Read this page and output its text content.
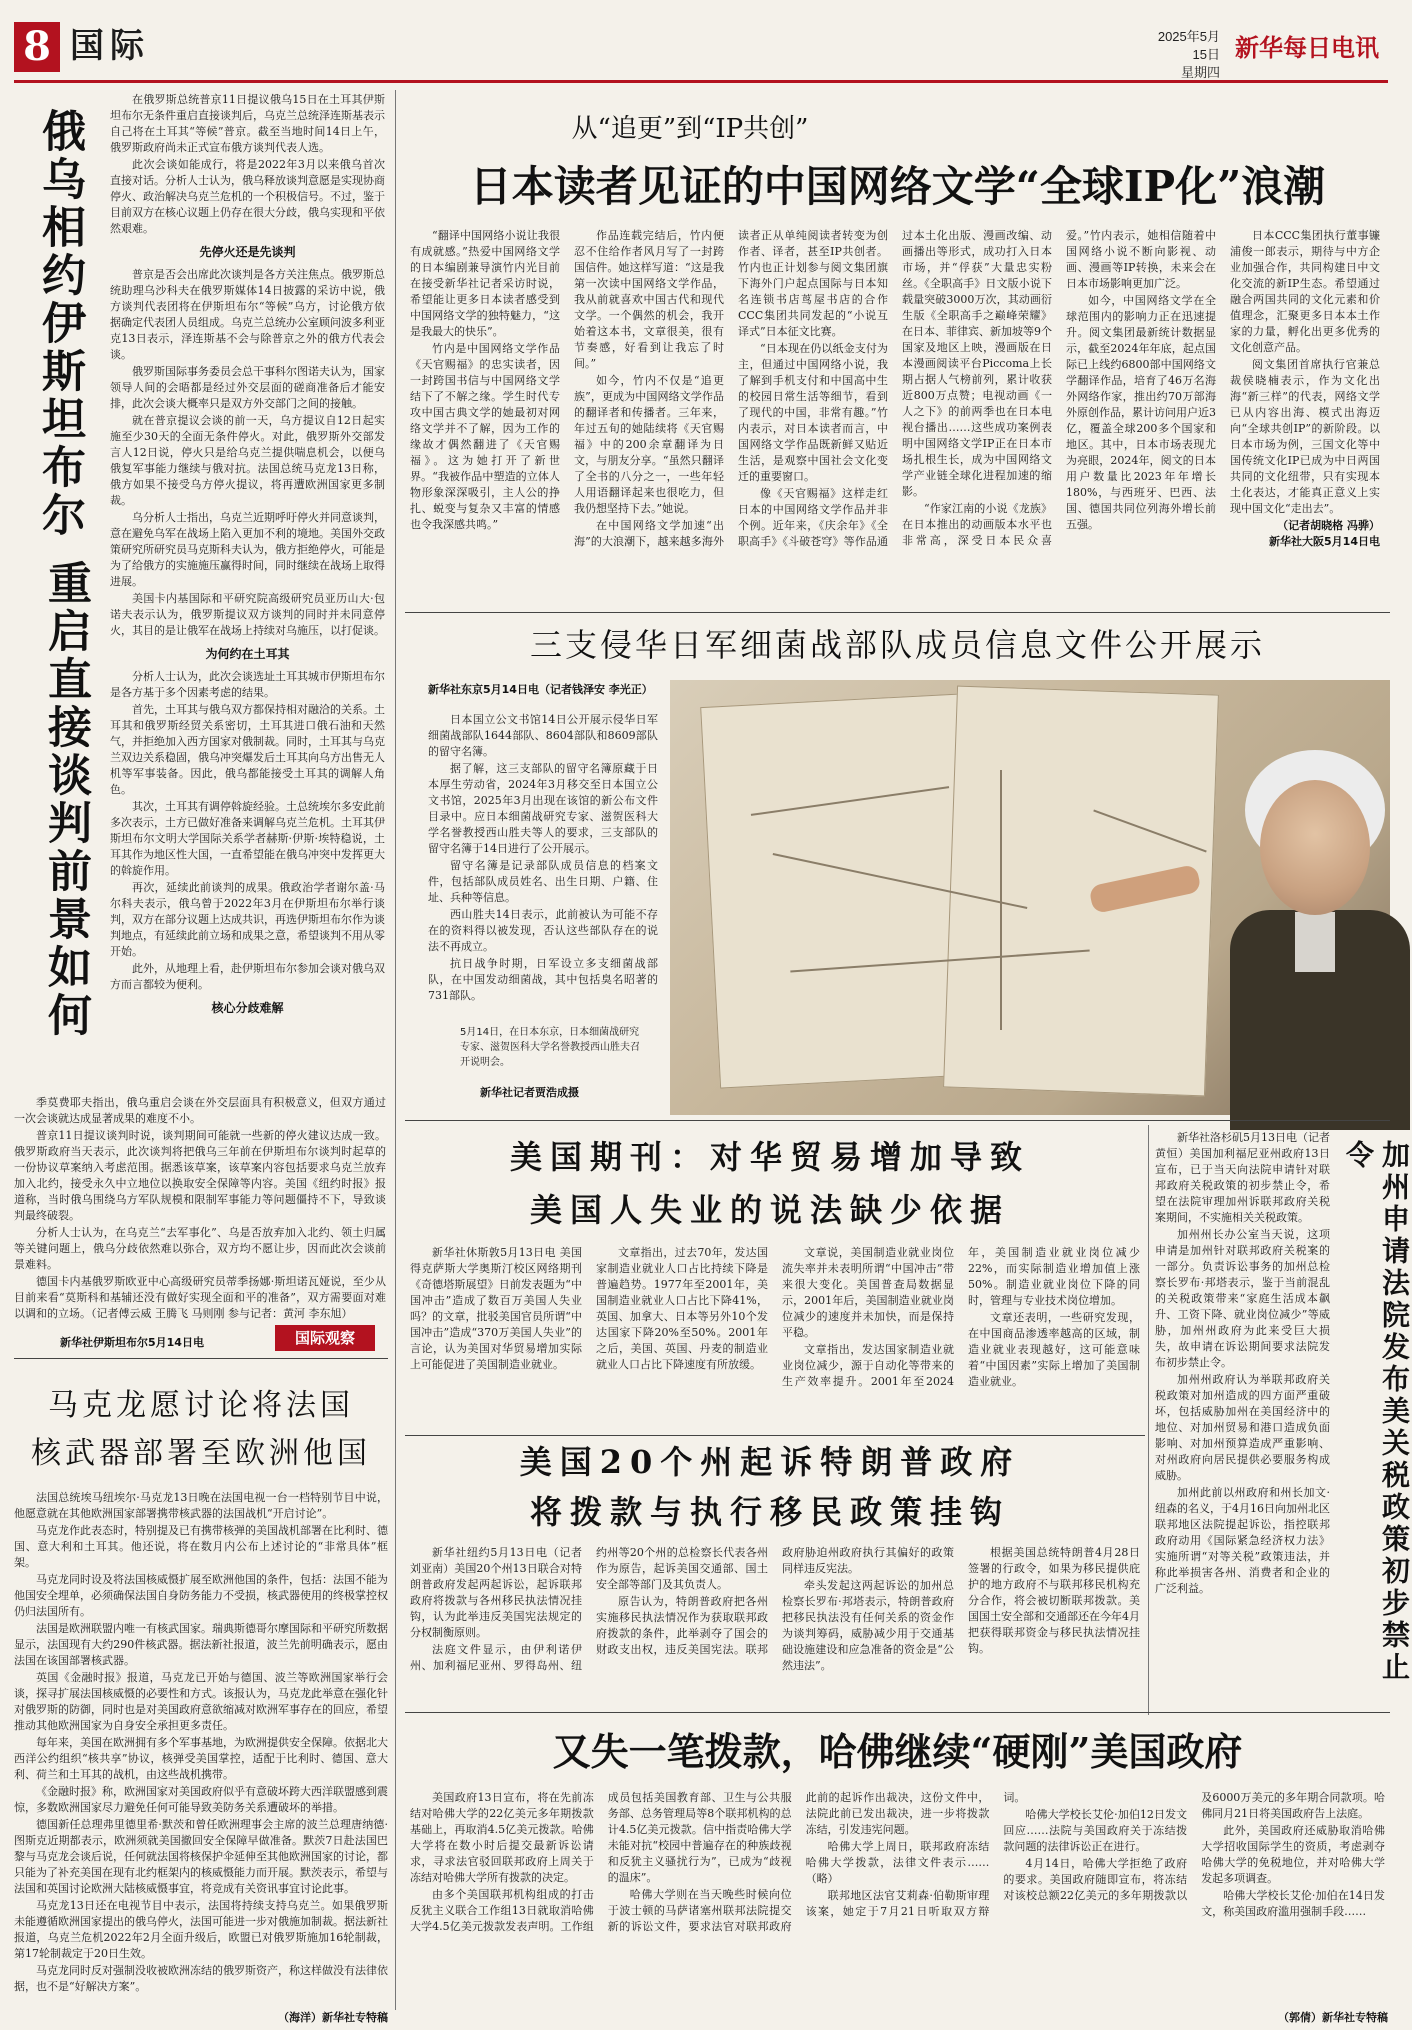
8 国际	2025年5月15日
星期四
新华每日电讯
俄乌相约伊斯坦布尔
重启直接谈判前景如何

在俄罗斯总统普京11日提议俄乌15日在土耳其伊斯坦布尔无条件重启直接谈判后，乌克兰总统泽连斯基表示自己将在土耳其“等候”普京。截至当地时间14日上午，俄罗斯政府尚未正式宣布俄方谈判代表人选。

此次会谈如能成行，将是2022年3月以来俄乌首次直接对话。分析人士认为，俄乌释放谈判意愿是实现协商停火、政治解决乌克兰危机的一个积极信号。不过，鉴于目前双方在核心议题上仍存在很大分歧，俄乌实现和平依然艰难。

先停火还是先谈判

普京是否会出席此次谈判是各方关注焦点。俄罗斯总统助理乌沙科夫在俄罗斯媒体14日披露的采访中说，俄方谈判代表团将在伊斯坦布尔“等候”乌方，讨论俄方依据确定代表团人员组成。乌克兰总统办公室顾问波多利亚克13日表示，泽连斯基不会与除普京之外的俄方代表会谈。

俄罗斯国际事务委员会总干事科尔图诺夫认为，国家领导人间的会晤都是经过外交层面的磋商准备后才能安排，此次会谈大概率只是双方外交部门之间的接触。

就在普京提议会谈的前一天，乌方提议自12日起实施至少30天的全面无条件停火。对此，俄罗斯外交部发言人12日说，停火只是给乌克兰提供喘息机会，以便乌俄复军事能力继续与俄对抗。法国总统马克龙13日称，俄方如果不接受乌方停火提议，将再遭欧洲国家更多制裁。

乌分析人士指出，乌克兰近期呼吁停火并同意谈判，意在避免乌军在战场上陷入更加不利的境地。美国外交政策研究所研究员马克斯科夫认为，俄方拒绝停火，可能是为了给俄方的实施施压赢得时间，同时继续在战场上取得进展。

美国卡内基国际和平研究院高级研究员亚历山大·包诺夫表示认为，俄罗斯提议双方谈判的同时并未同意停火，其目的是让俄军在战场上持续对乌施压，以打促谈。

为何约在土耳其

分析人士认为，此次会谈选址土耳其城市伊斯坦布尔是各方基于多个因素考虑的结果。

首先，土耳其与俄乌双方都保持相对融洽的关系。土耳其和俄罗斯经贸关系密切，土耳其进口俄石油和天然气，并拒绝加入西方国家对俄制裁。同时，土耳其与乌克兰双边关系稳固，俄乌冲突爆发后土耳其向乌方出售无人机等军事装备。因此，俄乌都能接受土耳其的调解人角色。

其次，土耳其有调停斡旋经验。土总统埃尔多安此前多次表示，土方已做好准备来调解乌克兰危机。土耳其伊斯坦布尔文明大学国际关系学者赫斯·伊斯·埃特稳说，土耳其作为地区性大国，一直希望能在俄乌冲突中发挥更大的斡旋作用。

再次，延续此前谈判的成果。俄政治学者谢尔盖·马尔科夫表示，俄乌曾于2022年3月在伊斯坦布尔举行谈判，双方在部分议题上达成共识，再选伊斯坦布尔作为谈判地点，有延续此前立场和成果之意，希望谈判不用从零开始。

此外，从地理上看，赴伊斯坦布尔参加会谈对俄乌双方而言都较为便利。

核心分歧难解

季莫费耶夫指出，俄乌重启会谈在外交层面具有积极意义，但双方通过一次会谈就达成显著成果的难度不小。

普京11日提议谈判时说，谈判期间可能就一些新的停火建议达成一致。俄罗斯政府当天表示，此次谈判将把俄乌三年前在伊斯坦布尔谈判时起草的一份协议草案纳入考虑范围。据悉该草案，该草案内容包括要求乌克兰放弃加入北约，接受永久中立地位以换取安全保障等内容。美国《纽约时报》报道称，当时俄乌围绕乌方军队规模和限制军事能力等问题僵持不下，导致谈判最终破裂。

分析人士认为，在乌克兰“去军事化”、乌是否放弃加入北约、领土归属等关键问题上，俄乌分歧依然难以弥合，双方均不愿让步，因而此次会谈前景难料。

德国卡内基俄罗斯欧亚中心高级研究员蒂季扬娜·斯坦诺瓦娅说，至少从目前来看“莫斯科和基辅还没有做好实现全面和平的准备”，双方需要面对难以调和的立场。（记者傅云威 王腾飞 马则刚 参与记者：黄河 李东旭）

新华社伊斯坦布尔5月14日电	国际观察
马克龙愿讨论将法国
核武器部署至欧洲他国

法国总统埃马纽埃尔·马克龙13日晚在法国电视一台一档特别节目中说，他愿意就在其他欧洲国家部署携带核武器的法国战机“开启讨论”。

马克龙作此表态时，特别提及已有携带核弹的美国战机部署在比利时、德国、意大利和土耳其。他还说，将在数月内公布上述讨论的“非常具体”框架。

马克龙同时设及将法国核威慑扩展至欧洲他国的条件，包括：法国不能为他国安全埋单，必须确保法国自身防务能力不受损，核武器使用的终极掌控权仍归法国所有。

法国是欧洲联盟内唯一有核武国家。瑞典斯德哥尔摩国际和平研究所数据显示，法国现有大约290件核武器。据法新社报道，波兰先前明确表示，愿由法国在该国部署核武器。

英国《金融时报》报道，马克龙已开始与德国、波兰等欧洲国家举行会谈，探寻扩展法国核威慑的必要性和方式。该报认为，马克龙此举意在强化针对俄罗斯的防御，同时也是对美国政府意欲缩减对欧洲军事存在的回应，希望推动其他欧洲国家为自身安全承担更多责任。

每年来，美国在欧洲拥有多个军事基地，为欧洲提供安全保障。依据北大西洋公约组织“核共享”协议，核弹受美国掌控，适配于比利时、德国、意大利、荷兰和土耳其的战机，由这些战机携带。

《金融时报》称，欧洲国家对美国政府似乎有意破坏跨大西洋联盟感到震惊，多数欧洲国家尽力避免任何可能导致美防务关系遭破坏的举措。

德国新任总理弗里德里希·默茨和曾任欧洲理事会主席的波兰总理唐纳德·图斯克近期都表示，欧洲须就美国撤回安全保障早做准备。默茨7日赴法国巴黎与马克龙会谈后说，任何就法国将核保护伞延伸至其他欧洲国家的讨论，都只能为了补充美国在现有北约框架内的核威慑能力而开展。默茨表示，希望与法国和英国讨论欧洲大陆核威慑事宜，将竞成有关资讯事宜讨论此事。

马克龙13日还在电视节目中表示，法国将持续支持乌克兰。如果俄罗斯未能遵循欧洲国家提出的俄乌停火，法国可能进一步对俄施加制裁。据法新社报道，乌克兰危机2022年2月全面升级后，欧盟已对俄罗斯施加16轮制裁，第17轮制裁定于20日生效。

马克龙同时反对强制没收被欧洲冻结的俄罗斯资产，称这样做没有法律依据，也不是“好解决方案”。

（海洋）新华社专特稿
从“追更”到“IP共创”
日本读者见证的中国网络文学“全球IP化”浪潮

“翻译中国网络小说让我很有成就感。”热爱中国网络文学的日本编剧兼导演竹内光目前在接受新华社记者采访时说，希望能让更多日本读者感受到中国网络文学的独特魅力，“这是我最大的快乐”。

竹内是中国网络文学作品《天官赐福》的忠实读者，因一封跨国书信与中国网络文学结下了不解之缘。学生时代专攻中国古典文学的她最初对网络文学并不了解，因为工作的缘故才偶然翻进了《天官赐福》。这为她打开了新世界。“我被作品中塑造的立体人物形象深深吸引，主人公的挣扎、蜕变与复杂又丰富的情感也令我深感共鸣。”

作品连载完结后，竹内便忍不住给作者风月写了一封跨国信件。她这样写道：“这是我第一次读中国网络文学作品，我从前就喜欢中国古代和现代文学。一个偶然的机会，我开始着这本书，文章很美，很有节奏感，好看到让我忘了时间。”

如今，竹内不仅是“追更族”，更成为中国网络文学作品的翻译者和传播者。三年来，年过五旬的她陆续将《天官赐福》中的200余章翻译为日文，与朋友分享。“虽然只翻译了全书的八分之一，一些年轻人用语翻译起来也很吃力，但我仍想坚持下去。”她说。

在中国网络文学加速“出海”的大浪潮下，越来越多海外读者正从单纯阅读者转变为创作者、译者，甚至IP共创者。竹内也正计划参与阅文集团旗下海外门户起点国际与日本知名连锁书店茑屋书店的合作CCC集团共同发起的“小说互译式”日本征文比赛。

“日本现在仍以纸金支付为主，但通过中国网络小说，我了解到手机支付和中国高中生的校园日常生活等细节，看到了现代的中国，非常有趣。”竹内表示，对日本读者而言，中国网络文学作品既新鲜又贴近生活，是观察中国社会文化变迁的重要窗口。

像《天官赐福》这样走红日本的中国网络文学作品并非个例。近年来，《庆余年》《全职高手》《斗破苍穹》等作品通过本土化出版、漫画改编、动画播出等形式，成功打入日本市场，并“俘获”大量忠实粉丝。《全职高手》日文版小说下载量突破3000万次，其动画衍生版《全职高手之巅峰荣耀》在日本、菲律宾、新加坡等9个国家及地区上映，漫画版在日本漫画阅读平台Piccoma上长期占据人气榜前列，累计收获近800万点赞；电视动画《一人之下》的前两季也在日本电视台播出……这些成功案例表明中国网络文学IP正在日本市场扎根生长，成为中国网络文学产业链全球化进程加速的缩影。

“作家江南的小说《龙族》在日本推出的动画版本水平也非常高，深受日本民众喜爱。”竹内表示，她相信随着中国网络小说不断向影视、动画、漫画等IP转换，未来会在日本市场影响更加广泛。

如今，中国网络文学在全球范围内的影响力正在迅速提升。阅文集团最新统计数据显示，截至2024年年底，起点国际已上线约6800部中国网络文学翻译作品，培育了46万名海外网络作家，推出约70万部海外原创作品，累计访问用户近3亿，覆盖全球200多个国家和地区。其中，日本市场表现尤为亮眼，2024年，阅文的日本用户数量比2023年年增长180%，与西班牙、巴西、法国、德国共同位列海外增长前五强。

日本CCC集团执行董事镰浦俊一郎表示，期待与中方企业加强合作，共同构建日中文化交流的新IP生态。希望通过融合两国共同的文化元素和价值理念，汇聚更多日本本土作家的力量，孵化出更多优秀的文化创意产品。

阅文集团首席执行官兼总裁侯晓楠表示，作为文化出海“新三样”的代表，网络文学已从内容出海、模式出海迈向“全球共创IP”的新阶段。以日本市场为例，三国文化等中国传统文化IP已成为中日两国共同的文化纽带，只有实现本土化表达，才能真正意义上实现中国文化“走出去”。

（记者胡晓格 冯骅）
新华社大阪5月14日电
三支侵华日军细菌战部队成员信息文件公开展示
新华社东京5月14日电（记者钱泽安 李光正）

日本国立公文书馆14日公开展示侵华日军细菌战部队1644部队、8604部队和8609部队的留守名簿。

据了解，这三支部队的留守名簿原藏于日本厚生劳动省，2024年3月移交至日本国立公文书馆，2025年3月出现在该馆的新公布文件目录中。应日本细菌战研究专家、滋贺医科大学名誉教授西山胜夫等人的要求，三支部队的留守名簿于14日进行了公开展示。

留守名簿是记录部队成员信息的档案文件，包括部队成员姓名、出生日期、户籍、住址、兵种等信息。

西山胜夫14日表示，此前被认为可能不存在的资料得以被发现，否认这些部队存在的说法不再成立。

抗日战争时期，日军设立多支细菌战部队，在中国发动细菌战，其中包括臭名昭著的731部队。

5月14日，在日本东京，日本细菌战研究专家、滋贺医科大学名誉教授西山胜夫召开说明会。
新华社记者贾浩成摄
美国期刊：对华贸易增加导致
美国人失业的说法缺少依据

新华社休斯敦5月13日电 美国得克萨斯大学奥斯汀校区网络期刊《奇德塔斯展望》日前发表题为“中国冲击”造成了数百万美国人失业吗？的文章，批驳美国官员所谓“中国冲击”造成“370万美国人失业”的言论，认为美国对华贸易增加实际上可能促进了美国制造业就业。

文章指出，过去70年，发达国家制造业就业人口占比持续下降是普遍趋势。1977年至2001年，美国制造业就业人口占比下降41%，英国、加拿大、日本等另外10个发达国家下降20%至50%。2001年之后，美国、英国、丹麦的制造业就业人口占比下降速度有所放缓。

文章说，美国制造业就业岗位流失率并未表明所谓“中国冲击”带来很大变化。美国普查局数据显示，2001年后，美国制造业就业岗位减少的速度并未加快，而是保持平稳。

文章指出，发达国家制造业就业岗位减少，源于自动化等带来的生产效率提升。2001年至2024年，美国制造业就业岗位减少22%，而实际制造业增加值上涨50%。制造业就业岗位下降的同时，管理与专业技术岗位增加。

文章还表明，一些研究发现，在中国商品渗透率越高的区域，制造业就业表现越好，这可能意味着“中国因素”实际上增加了美国制造业就业。

美国20个州起诉特朗普政府
将拨款与执行移民政策挂钩

新华社纽约5月13日电（记者刘亚南）美国20个州13日联合对特朗普政府发起两起诉讼，起诉联邦政府将拨款与各州移民执法情况挂钩，认为此举违反美国宪法规定的分权制衡原则。

法庭文件显示，由伊利诺伊州、加利福尼亚州、罗得岛州、纽约州等20个州的总检察长代表各州作为原告，起诉美国交通部、国土安全部等部门及其负责人。

原告认为，特朗普政府把各州实施移民执法情况作为获取联邦政府拨款的条件，此举剥夺了国会的财政支出权，违反美国宪法。联邦政府胁迫州政府执行其偏好的政策同样违反宪法。

牵头发起这两起诉讼的加州总检察长罗布·邦塔表示，特朗普政府把移民执法没有任何关系的资金作为谈判筹码，威胁减少用于交通基础设施建设和应急准备的资金是“公然违法”。

根据美国总统特朗普4月28日签署的行政令，如果为移民提供庇护的地方政府不与联邦移民机构充分合作，将会被切断联邦拨款。美国国土安全部和交通部还在今年4月把获得联邦资金与移民执法情况挂钩。

新华社洛杉矶5月13日电（记者黄恒）美国加利福尼亚州政府13日宣布，已于当天向法院申请针对联邦政府关税政策的初步禁止令，希望在法院审理加州诉联邦政府关税案期间，不实施相关关税政策。

加州州长办公室当天说，这项申请是加州针对联邦政府关税案的一部分。负责诉讼事务的加州总检察长罗布·邦塔表示，鉴于当前混乱的关税政策带来“家庭生活成本飙升、工资下降、就业岗位减少”等威胁，加州州政府为此来受巨大损失，故申请在诉讼期间要求法院发布初步禁止令。

加州州政府认为举联邦政府关税政策对加州造成的四方面严重破坏，包括威胁加州在美国经济中的地位、对加州贸易和港口造成负面影响、对加州预算造成严重影响、对州政府向居民提供必要服务构成威胁。

加州此前以州政府和州长加文·纽森的名义，于4月16日向加州北区联邦地区法院提起诉讼，指控联邦政府动用《国际紧急经济权力法》实施所谓“对等关税”政策违法，并称此举损害各州、消费者和企业的广泛利益。	加州申请法院发布美关税政策初步禁止令
又失一笔拨款，哈佛继续“硬刚”美国政府

美国政府13日宣布，将在先前冻结对哈佛大学的22亿美元多年期拨款基础上，再取消4.5亿美元拨款。哈佛大学将在数小时后提交最新诉讼请求，寻求法官驳回联邦政府上周关于冻结对哈佛大学所有拨款的决定。

由多个美国联邦机构组成的打击反犹主义联合工作组13日就取消哈佛大学4.5亿美元拨款发表声明。工作组成员包括美国教育部、卫生与公共服务部、总务管理局等8个联邦机构的总计4.5亿美元拨款。信中指责哈佛大学未能对抗“校园中普遍存在的种族歧视和反犹主义骚扰行为”，已成为“歧视的温床”。

哈佛大学则在当天晚些时候向位于波士顿的马萨诸塞州联邦法院提交新的诉讼文件，要求法官对联邦政府此前的起诉作出裁决，这份文件中，法院此前已发出裁决，进一步将拨款冻结，引发违宪问题。

哈佛大学上周日，联邦政府冻结哈佛大学拨款，法律文件表示……（略）

联邦地区法官艾莉森·伯勒斯审理该案，她定于7月21日听取双方辩词。

哈佛大学校长艾伦·加伯12日发文回应……法院与美国政府关于冻结拨款问题的法律诉讼正在进行。

4月14日，哈佛大学拒绝了政府的要求。美国政府随即宣布，将冻结对该校总额22亿美元的多年期拨款以及6000万美元的多年期合同款项。哈佛同月21日将美国政府告上法庭。

此外，美国政府还威胁取消哈佛大学招收国际学生的资质，考虑剥夺哈佛大学的免税地位，并对哈佛大学发起多项调查。

哈佛大学校长艾伦·加伯在14日发文，称美国政府滥用强制手段……

（郭倩）新华社专特稿
